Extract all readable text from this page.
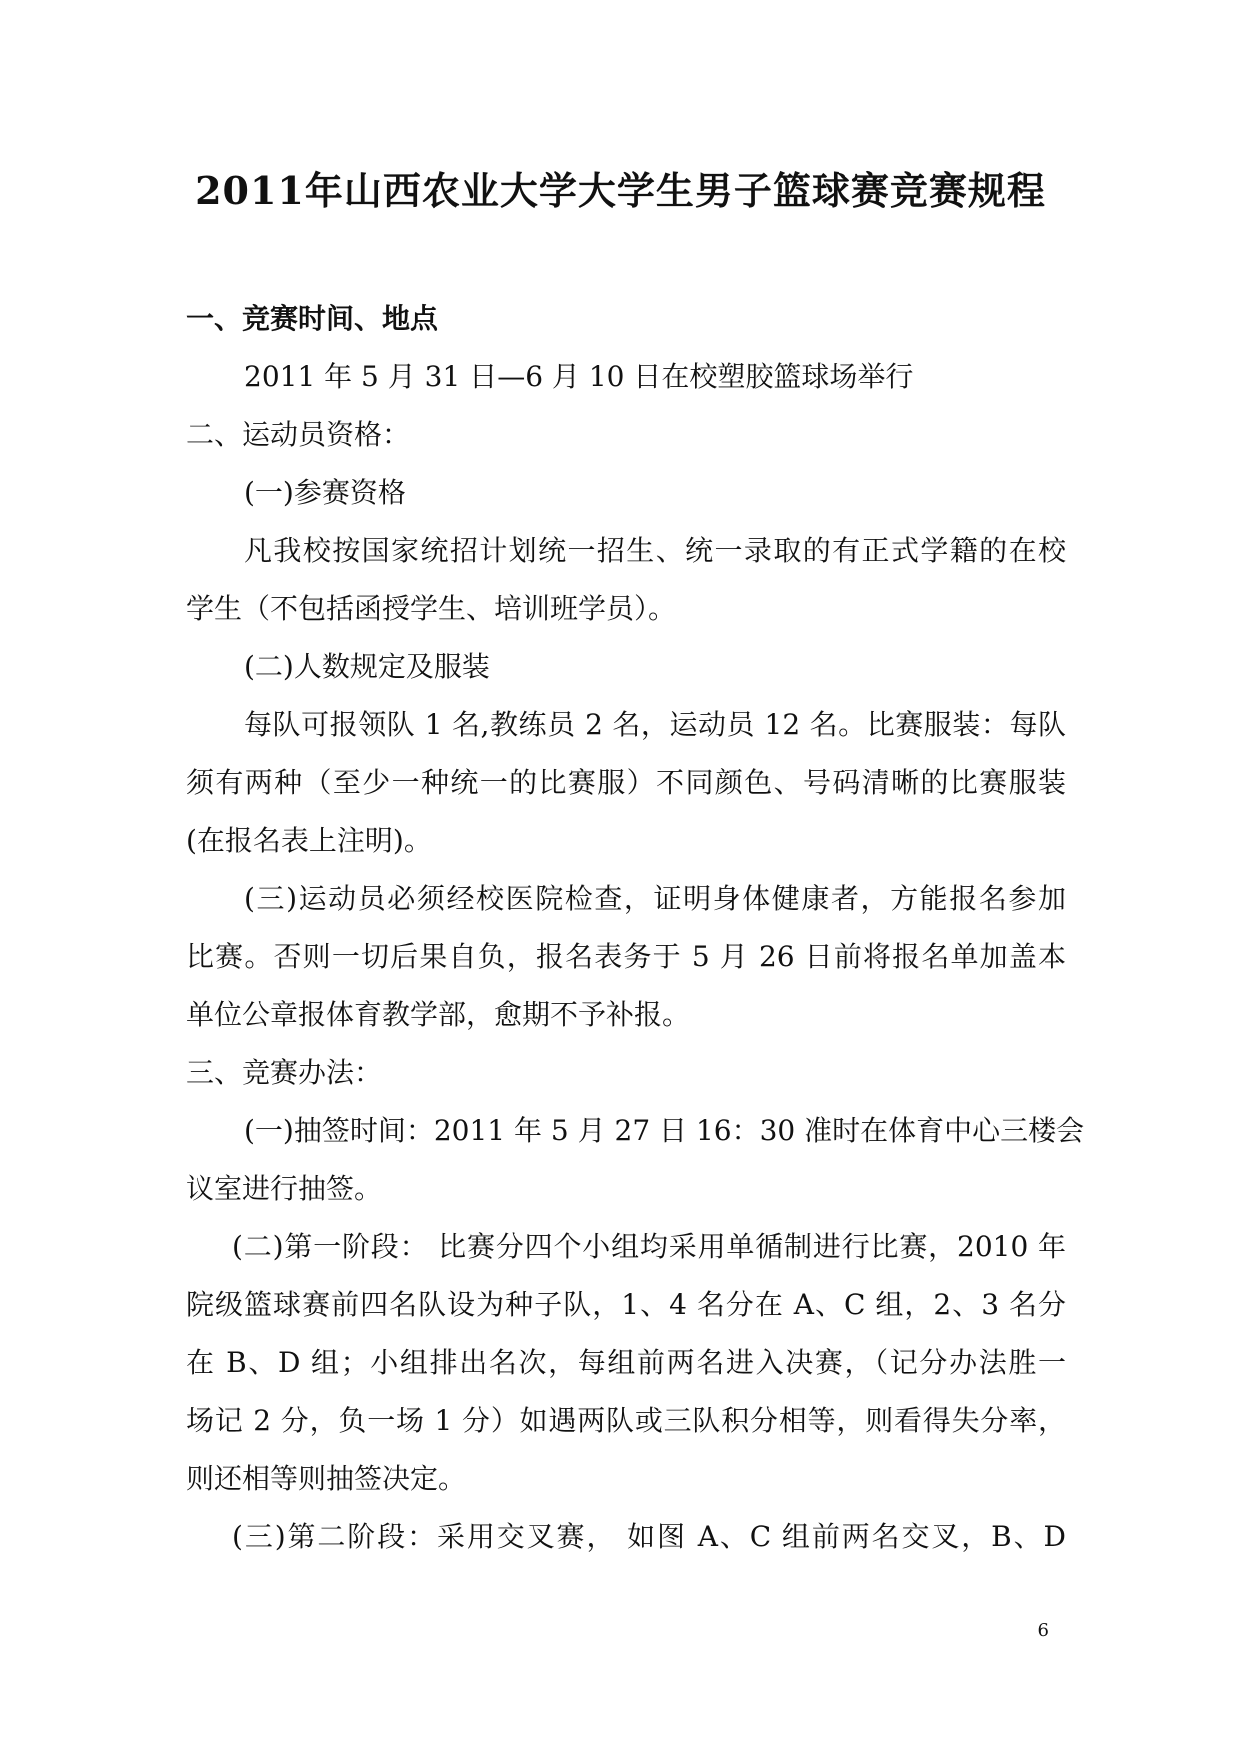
2011年山西农业大学大学生男子篮球赛竞赛规程
一、竞赛时间、地点
2011 年 5 月 31 日—6 月 10 日在校塑胶篮球场举行
二、运动员资格：
(一)参赛资格
凡我校按国家统招计划统一招生、统一录取的有正式学籍的在校
学生（不包括函授学生、培训班学员）。
(二)人数规定及服装
每队可报领队 1 名,教练员 2 名，运动员 12 名。比赛服装：每队
须有两种（至少一种统一的比赛服）不同颜色、号码清晰的比赛服装
(在报名表上注明)。
(三)运动员必须经校医院检查，证明身体健康者，方能报名参加
比赛。否则一切后果自负，报名表务于 5 月 26 日前将报名单加盖本
单位公章报体育教学部，愈期不予补报。
三、竞赛办法：
(一)抽签时间：2011 年 5 月 27 日 16：30 准时在体育中心三楼会
议室进行抽签。
(二)第一阶段： 比赛分四个小组均采用单循制进行比赛，2010 年
院级篮球赛前四名队设为种子队，1、4 名分在 A、C 组，2、3 名分
在 B、D 组；小组排出名次，每组前两名进入决赛，（记分办法胜一
场记 2 分，负一场 1 分）如遇两队或三队积分相等，则看得失分率，
则还相等则抽签决定。
(三)第二阶段：采用交叉赛， 如图 A、C 组前两名交叉，B、D
6
